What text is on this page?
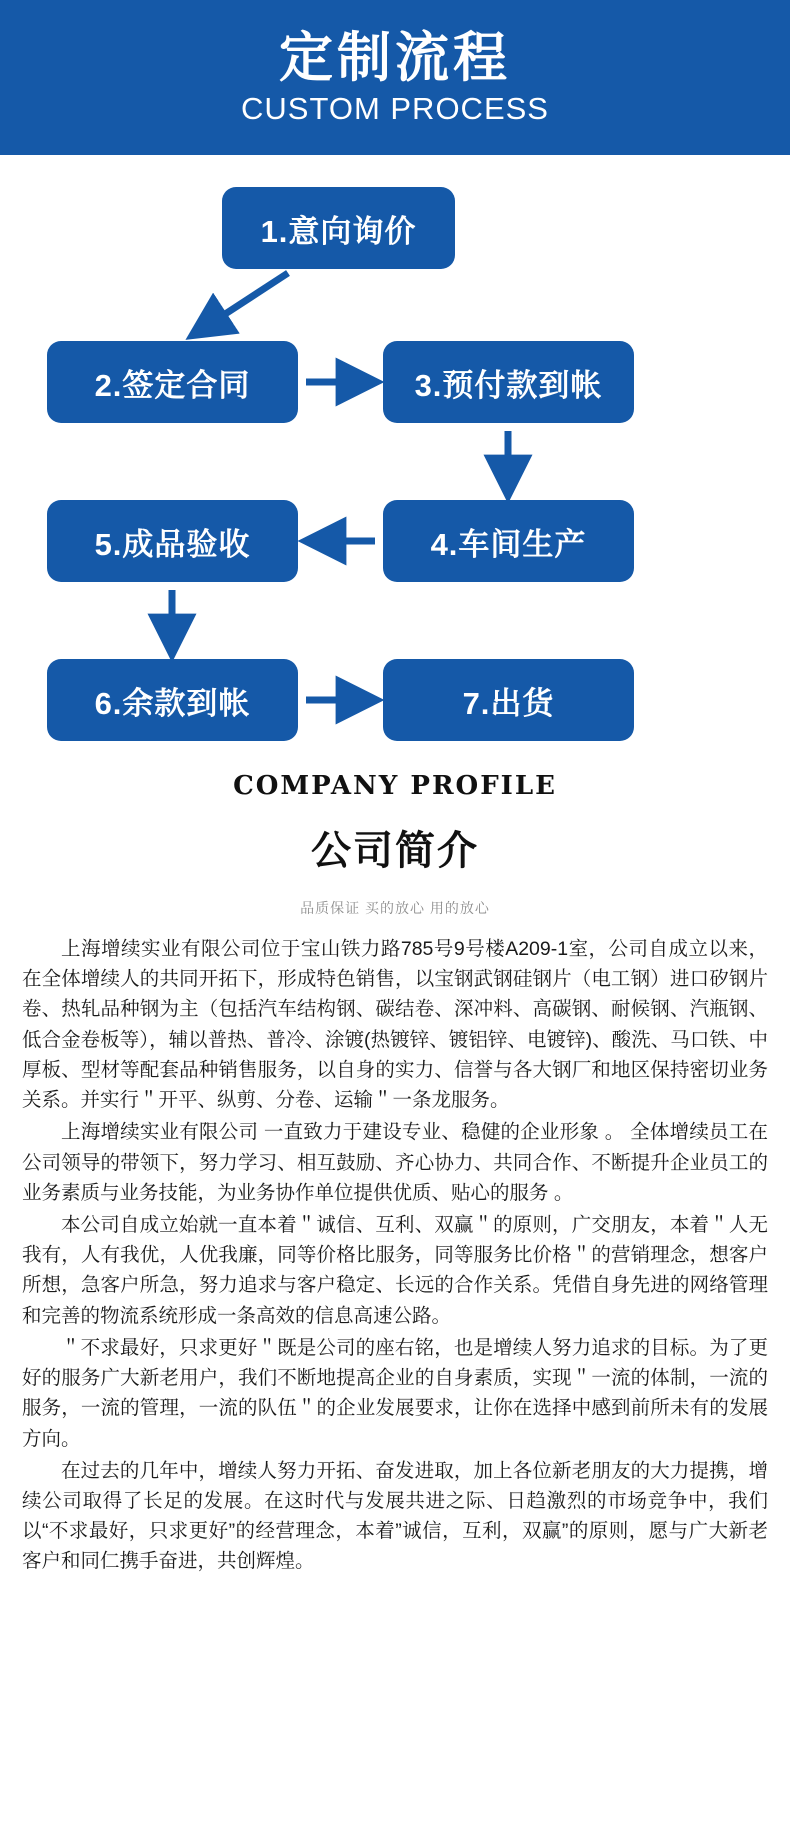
定制流程
CUSTOM PROCESS
1.意向询价
2.签定合同	3.预付款到帐
5.成品验收	4.车间生产
6.余款到帐	7.出货
COMPANY PROFILE
公司简介
品质保证 买的放心 用的放心

上海增续实业有限公司位于宝山铁力路785号9号楼A209-1室，公司自成立以来，在全体增续人的共同开拓下，形成特色销售，以宝钢武钢硅钢片（电工钢）进口矽钢片卷、热轧品种钢为主（包括汽车结构钢、碳结卷、深冲料、高碳钢、耐候钢、汽瓶钢、低合金卷板等），辅以普热、普冷、涂镀(热镀锌、镀铝锌、电镀锌)、酸洗、马口铁、中厚板、型材等配套品种销售服务，以自身的实力、信誉与各大钢厂和地区保持密切业务关系。并实行＂开平、纵剪、分卷、运输＂一条龙服务。

上海增续实业有限公司 一直致力于建设专业、稳健的企业形象 。 全体增续员工在公司领导的带领下，努力学习、相互鼓励、齐心协力、共同合作、不断提升企业员工的业务素质与业务技能，为业务协作单位提供优质、贴心的服务 。

本公司自成立始就一直本着＂诚信、互利、双赢＂的原则，广交朋友，本着＂人无我有，人有我优，人优我廉，同等价格比服务，同等服务比价格＂的营销理念，想客户所想，急客户所急，努力追求与客户稳定、长远的合作关系。凭借自身先进的网络管理和完善的物流系统形成一条高效的信息高速公路。

＂不求最好，只求更好＂既是公司的座右铭，也是增续人努力追求的目标。为了更好的服务广大新老用户，我们不断地提高企业的自身素质，实现＂一流的体制，一流的服务，一流的管理，一流的队伍＂的企业发展要求，让你在选择中感到前所未有的发展方向。

在过去的几年中，增续人努力开拓、奋发进取，加上各位新老朋友的大力提携，增续公司取得了长足的发展。在这时代与发展共进之际、日趋激烈的市场竞争中，我们以“不求最好，只求更好”的经营理念，本着”诚信，互利，双赢”的原则，愿与广大新老客户和同仁携手奋进，共创辉煌。
